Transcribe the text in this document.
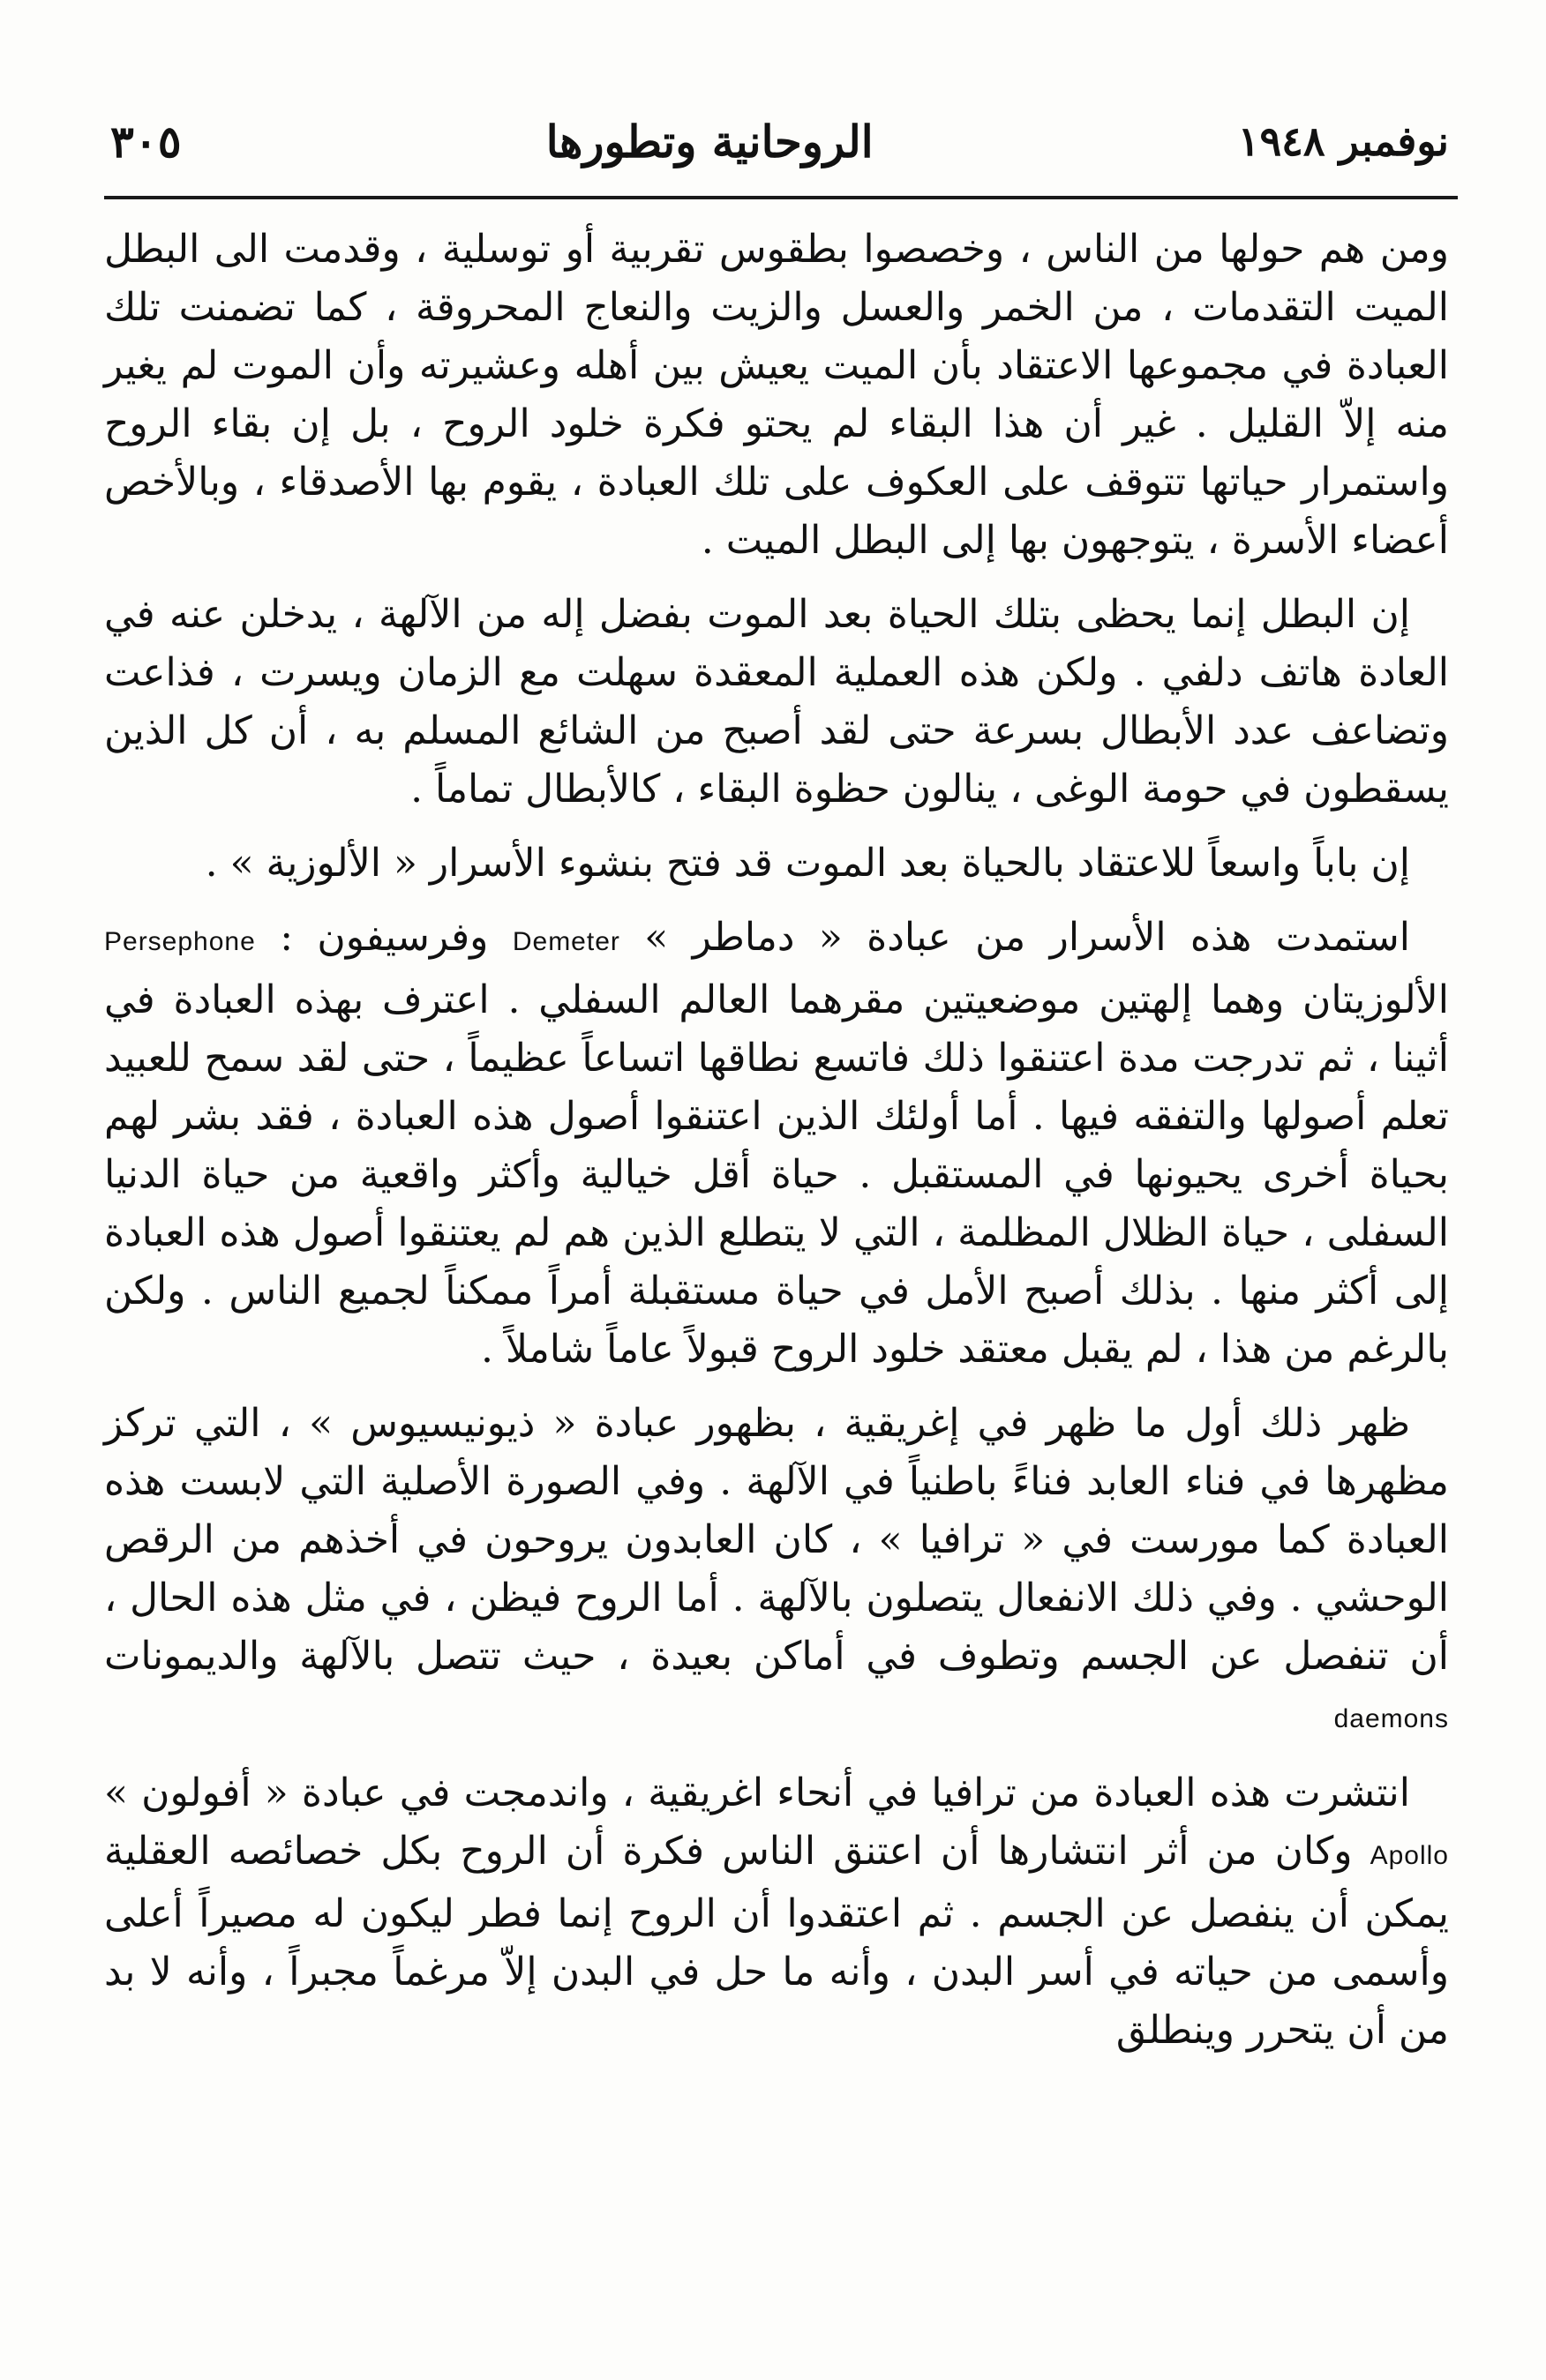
نوفمبر ١٩٤٨
الروحانية وتطورها
٣٠٥

ومن هم حولها من الناس ، وخصصوا بطقوس تقربية أو توسلية ، وقدمت الى البطل الميت التقدمات ، من الخمر والعسل والزيت والنعاج المحروقة ، كما تضمنت تلك العبادة في مجموعها الاعتقاد بأن الميت يعيش بين أهله وعشيرته وأن الموت لم يغير منه إلاّ القليل . غير أن هذا البقاء لم يحتو فكرة خلود الروح ، بل إن بقاء الروح واستمرار حياتها تتوقف على العكوف على تلك العبادة ، يقوم بها الأصدقاء ، وبالأخص أعضاء الأسرة ، يتوجهون بها إلى البطل الميت .

إن البطل إنما يحظى بتلك الحياة بعد الموت بفضل إله من الآلهة ، يدخلن عنه في العادة هاتف دلفي . ولكن هذه العملية المعقدة سهلت مع الزمان ويسرت ، فذاعت وتضاعف عدد الأبطال بسرعة حتى لقد أصبح من الشائع المسلم به ، أن كل الذين يسقطون في حومة الوغى ، ينالون حظوة البقاء ، كالأبطال تماماً .

إن باباً واسعاً للاعتقاد بالحياة بعد الموت قد فتح بنشوء الأسرار « الألوزية » .

استمدت هذه الأسرار من عبادة « دماطر » Demeter وفرسيفون : Persephone الألوزيتان وهما إلهتين موضعيتين مقرهما العالم السفلي . اعترف بهذه العبادة في أثينا ، ثم تدرجت مدة اعتنقوا ذلك فاتسع نطاقها اتساعاً عظيماً ، حتى لقد سمح للعبيد تعلم أصولها والتفقه فيها . أما أولئك الذين اعتنقوا أصول هذه العبادة ، فقد بشر لهم بحياة أخرى يحيونها في المستقبل . حياة أقل خيالية وأكثر واقعية من حياة الدنيا السفلى ، حياة الظلال المظلمة ، التي لا يتطلع الذين هم لم يعتنقوا أصول هذه العبادة إلى أكثر منها . بذلك أصبح الأمل في حياة مستقبلة أمراً ممكناً لجميع الناس . ولكن بالرغم من هذا ، لم يقبل معتقد خلود الروح قبولاً عاماً شاملاً .

ظهر ذلك أول ما ظهر في إغريقية ، بظهور عبادة « ذيونيسيوس » ، التي تركز مظهرها في فناء العابد فناءً باطنياً في الآلهة . وفي الصورة الأصلية التي لابست هذه العبادة كما مورست في « ترافيا » ، كان العابدون يروحون في أخذهم من الرقص الوحشي . وفي ذلك الانفعال يتصلون بالآلهة . أما الروح فيظن ، في مثل هذه الحال ، أن تنفصل عن الجسم وتطوف في أماكن بعيدة ، حيث تتصل بالآلهة والديمونات daemons

انتشرت هذه العبادة من ترافيا في أنحاء اغريقية ، واندمجت في عبادة « أفولون » Apollo وكان من أثر انتشارها أن اعتنق الناس فكرة أن الروح بكل خصائصه العقلية يمكن أن ينفصل عن الجسم . ثم اعتقدوا أن الروح إنما فطر ليكون له مصيراً أعلى وأسمى من حياته في أسر البدن ، وأنه ما حل في البدن إلاّ مرغماً مجبراً ، وأنه لا بد من أن يتحرر وينطلق
